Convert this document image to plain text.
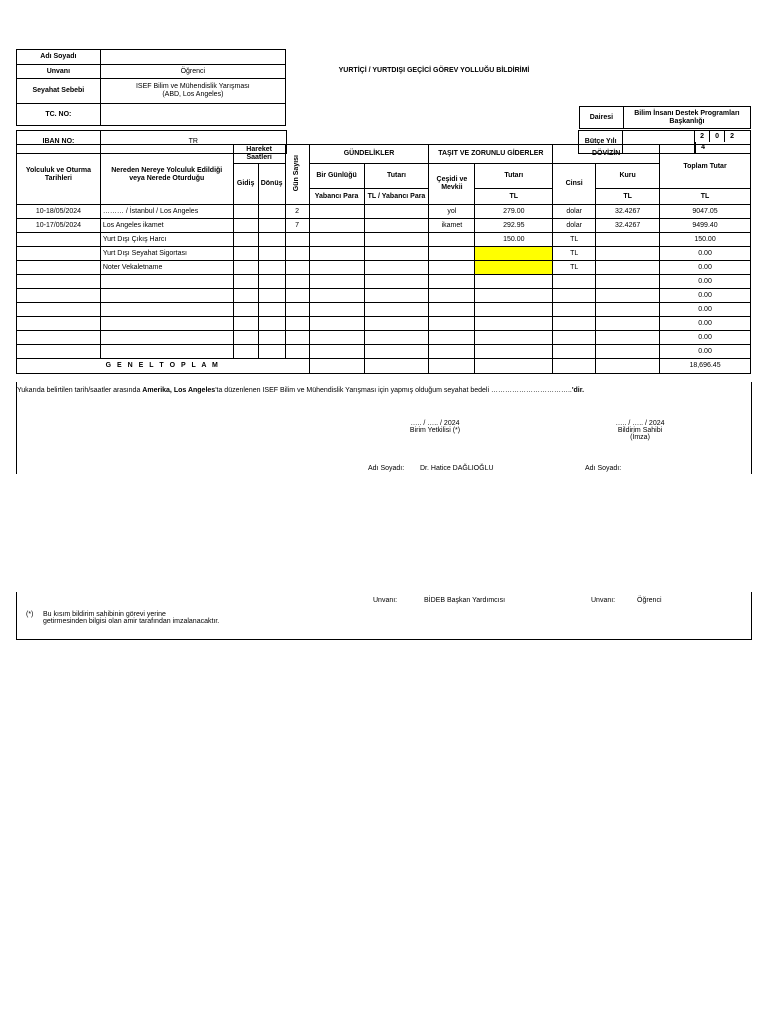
Adı Soyadı	
Unvanı	Öğrenci
Seyahat Sebebi	ISEF Bilim ve Mühendislik Yarışması
(ABD, Los Angeles)

TC. NO:	
YURTİÇİ / YURTDIŞI GEÇİCİ GÖREV YOLLUĞU BİLDİRİMİ
Dairesi	Bilim İnsanı Destek Programları Başkanlığı
IBAN NO:	TR		Bütçe Yılı		2 0 24
Yolculuk ve Oturma Tarihleri	Nereden Nereye Yolculuk Edildiği veya Nerede Oturduğu	Hareket Saatleri		Gün Sayısı	GÜNDELİKLER		TAŞIT VE ZORUNLU GİDERLER		DÖVİZİN		Toplam Tutar
		Gidiş	Dönüş		Bir Günlüğü	Tutarı	Çeşidi ve Mevkii	Tutarı	Cinsi	Kuru	
					Yabancı Para	TL / Yabancı Para		TL		TL	TL
10-18/05/2024	……… / İstanbul / Los Angeles			2			yol	279.00	dolar	32.4267	9047.05
10-17/05/2024	Los Angeles ikamet			7			ikamet	292.95	dolar	32.4267	9499.40
	Yurt Dışı Çıkış Harcı							150.00	TL		150.00
	Yurt Dışı Seyahat Sigortası								TL		0.00
	Noter Vekaletname								TL		0.00
											0.00
											0.00
											0.00
											0.00
											0.00
											0.00
G E N E L T O P L A M											18,696.45
Yukarıda belirtilen tarih/saatler arasında Amerika, Los Angeles'ta düzenlenen ISEF Bilim ve Mühendislik Yarışması için yapmış olduğum seyahat bedeli ……………………………..'dir.
….. / ….. / 2024
Birim Yetkilisi (*)
….. / ….. / 2024
Bildirim Sahibi
(İmza)
Adı Soyadı: Dr. Hatice DAĞLIOĞLU	Adı Soyadı:
Unvanı:	BİDEB Başkan Yardımcısı	Unvanı:	Öğrenci
(*) Bu kısım bildirim sahibinin görevi yerine
getirmesinden bilgisi olan amir tarafından imzalanacaktır.
